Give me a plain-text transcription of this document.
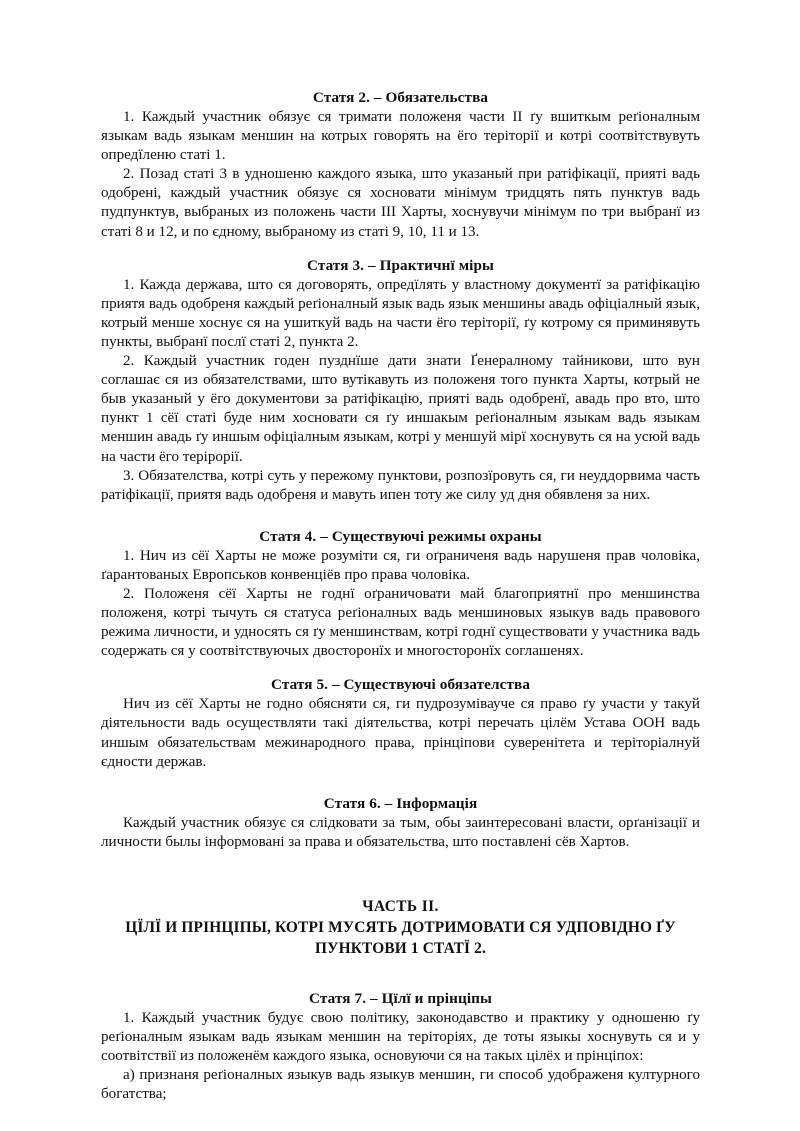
Статя 2. – Обязательства

1. Каждый участник обязує ся тримати положеня части II ґу вшиткым реґіоналным языкам вадь языкам меншин на котрых говорять на ёго теріторії и котрі соотвітствувуть опредїленю статі 1.

2. Позад статі 3 в удношеню каждого языка, што указаный при ратіфікації, прияті вадь одобрені, каждый участник обязує ся хосновати мінімум тридцять пять пунктув вадь пудпунктув, выбраных из положень части III Харты, хоснувучи мінімум по три выбранї из статі 8 и 12, и по єдному, выбраному из статі 9, 10, 11 и 13.

Статя 3. – Практичнї міры

1. Кажда держава, што ся договорять, опредїлять у властному документї за ратіфікацію приятя вадь одобреня каждый реґіоналный язык вадь язык меншины авадь офіціалный язык, котрый менше хоснує ся на ушиткуй вадь на части ёго теріторії, ґу котрому ся приминявуть пункты, выбранї послї статі 2, пункта 2.

2. Каждый участник годен пузднїше дати знати Ґенералному тайникови, што вун соглашає ся из обязателствами, што вутікавуть из положеня того пункта Харты, котрый не быв указаный у ёго документови за ратіфікацію, прияті вадь одобренї, авадь про вто, што пункт 1 сёї статі буде ним хосновати ся ґу иншакым реґіоналным языкам вадь языкам меншин авадь ґу иншым офіціалным языкам, котрі у меншуй мірї хоснувуть ся на усюй вадь на части ёго теріроріï.

3. Обязателства, котрі суть у пережому пунктови, розпозїровуть ся, ги неуддорвима часть ратіфікації, приятя вадь одобреня и мавуть ипен тоту же силу уд дня обявленя за них.

Статя 4. – Существуючі режимы охраны

1. Нич из сёї Харты не може розуміти ся, ги оґраниченя вадь нарушеня прав чоловіка, ґарантованых Европськов конвенціёв про права чоловіка.

2. Положеня сёї Харты не годнї оґраничовати май благоприятнї про меншинства положеня, котрі тычуть ся статуса реґіоналных вадь меншиновых языкув вадь правового режима личности, и удносять ся ґу меншинствам, котрі годнї существовати у участника вадь содержать ся у соотвітствуючых двосторонїх и многосторонїх соглашенях.

Статя 5. – Существуючі обязателства

Нич из сёї Харты не годно обясняти ся, ги пудрозумівауче ся право ґу участи у такуй діятельности вадь осуществляти такі діятельства, котрі перечать цілём Устава ООН вадь иншым обязательствам межинародного права, прінціпови суверенітета и теріторіалнуй єдности держав.

Статя 6. – Інформація

Каждый участник обязує ся слідковати за тым, обы заинтересовані власти, орґанізації и личности былы інформовані за права и обязательства, што поставлені сёв Хартов.

ЧАСТЬ II.
ЦЇЛЇ И ПРІНЦІПЫ, КОТРІ МУСЯТЬ ДОТРИМОВАТИ СЯ УДПОВІДНО ҐУ
ПУНКТОВИ 1 СТАТЇ 2.
Статя 7. – Цїлї и прінціпы

1. Каждый участник будує свою політику, законодавство и практику у одношеню ґу реґіоналным языкам вадь языкам меншин на теріторіях, де тоты языкы хоснувуть ся и у соотвітствії из положенём каждого языка, основуючи ся на такых цілёх и прінціпох:

а) признаня реґіоналных языкув вадь языкув меншин, ги способ удображеня културного богатства;
